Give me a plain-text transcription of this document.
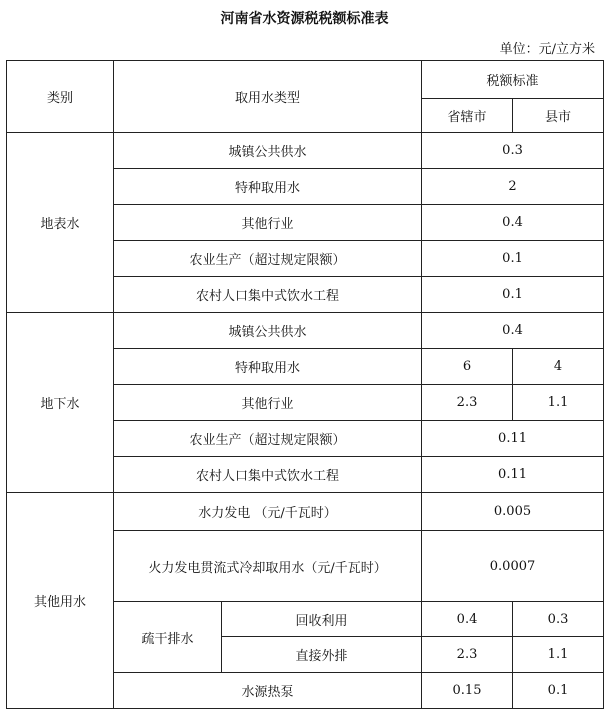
河南省水资源税税额标准表
单位：元/立方米
类别	取用水类型		税额标准	
			省辖市	县市
地表水	城镇公共供水		0.3	
	特种取用水		2	
	其他行业		0.4	
	农业生产（超过规定限额）		0.1	
	农村人口集中式饮水工程		0.1	
地下水	城镇公共供水		0.4	
	特种取用水		6	4
	其他行业		2.3	1.1
	农业生产（超过规定限额）		0.11	
	农村人口集中式饮水工程		0.11	
其他用水	水力发电 （元/千瓦时）		0.005	
	火力发电贯流式冷却取用水（元/千瓦时）		0.0007	
	疏干排水	回收利用	0.4	0.3
		直接外排	2.3	1.1
	水源热泵		0.15	0.1
